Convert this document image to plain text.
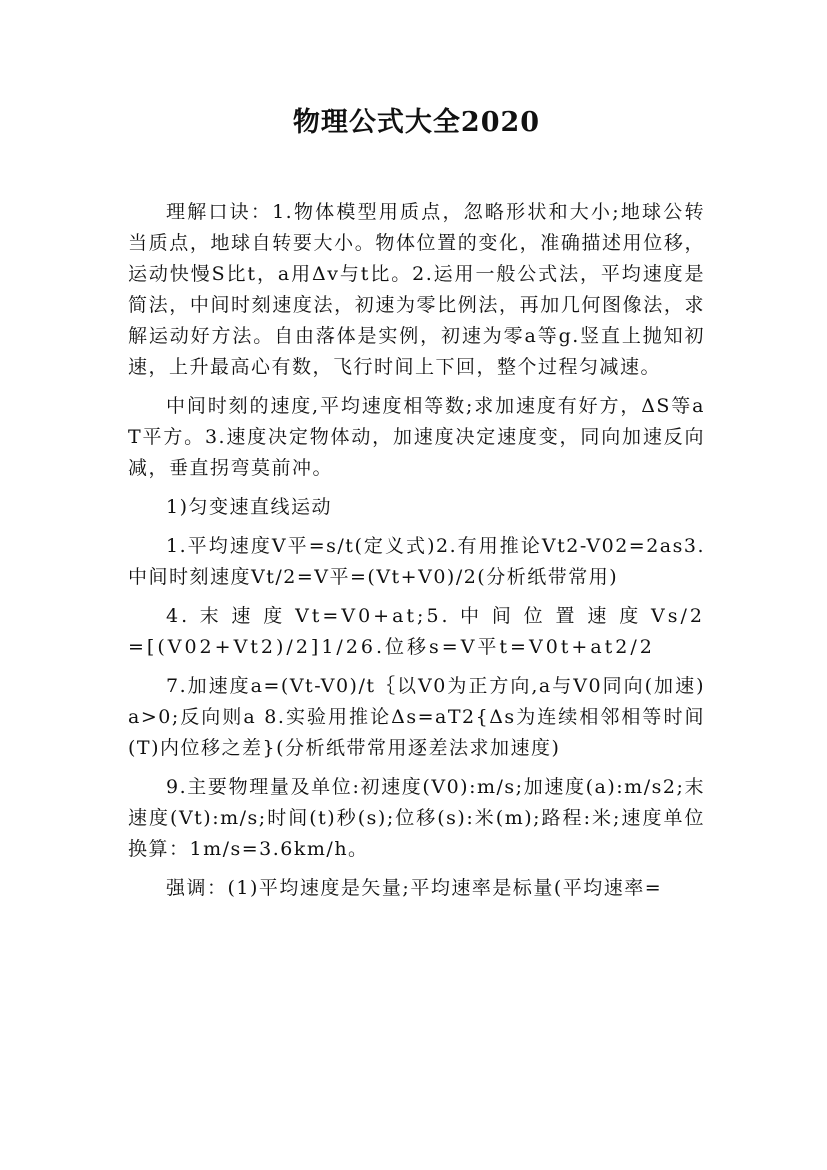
物理公式大全2020

理解口诀：1.物体模型用质点，忽略形状和大小;地球公转当质点，地球自转要大小。物体位置的变化，准确描述用位移，运动快慢S比t，a用Δv与t比。2.运用一般公式法，平均速度是简法，中间时刻速度法，初速为零比例法，再加几何图像法，求解运动好方法。自由落体是实例，初速为零a等g.竖直上抛知初速，上升最高心有数，飞行时间上下回，整个过程匀减速。

中间时刻的速度,平均速度相等数;求加速度有好方，ΔS等a T平方。3.速度决定物体动，加速度决定速度变，同向加速反向减，垂直拐弯莫前冲。

1)匀变速直线运动

1.平均速度V平=s/t(定义式)2.有用推论Vt2-V02=2as3.中间时刻速度Vt/2=V平=(Vt+V0)/2(分析纸带常用)

4. 末 速 度 Vt=V0+at;5. 中 间 位 置 速 度 Vs/2=[(V02+Vt2)/2]1/26.位移s=V平t=V0t+at2/2

7.加速度a=(Vt-V0)/t｛以V0为正方向,a与V0同向(加速)a>0;反向则a 8.实验用推论Δs=aT2{Δs为连续相邻相等时间(T)内位移之差}(分析纸带常用逐差法求加速度)

9.主要物理量及单位:初速度(V0):m/s;加速度(a):m/s2;末速度(Vt):m/s;时间(t)秒(s);位移(s):米(m);路程:米;速度单位换算：1m/s=3.6km/h。

强调：(1)平均速度是矢量;平均速率是标量(平均速率=
